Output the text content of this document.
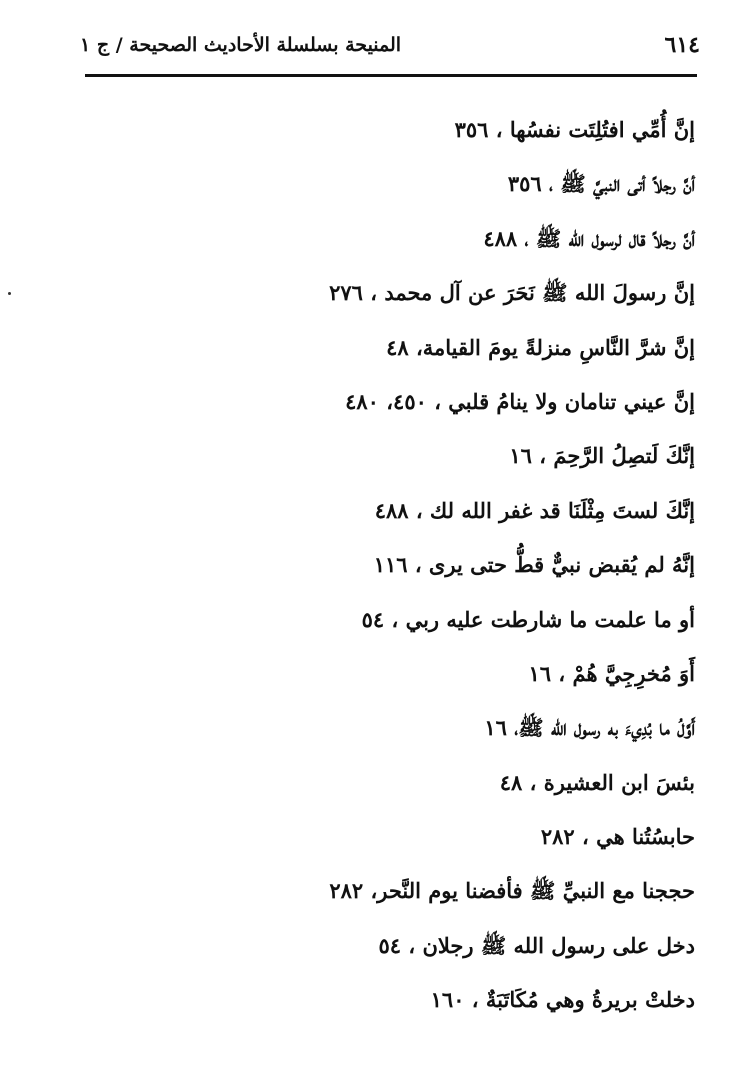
٦١٤
المنيحة بسلسلة الأحاديث الصحيحة / ج ١
إنَّ أُمِّي افتُلِتَت نفسُها ، ٣٥٦
أنَّ رجلاً أتى النبيَّ ﷺ ، ٣٥٦
أنَّ رجلاً قال لرسول الله ﷺ ، ٤٨٨
إنَّ رسولَ الله ﷺ نَحَرَ عن آل محمد ، ٢٧٦
إنَّ شرَّ النَّاسِ منزلةً يومَ القيامة، ٤٨
إنَّ عيني تنامان ولا ينامُ قلبي ، ٤٥٠، ٤٨٠
إنَّكَ لَتصِلُ الرَّحِمَ ، ١٦
إنَّكَ لستَ مِثْلَنَا قد غفر الله لك ، ٤٨٨
إنَّهُ لم يُقبض نبيٌّ قطُّ حتى يرى ، ١١٦
أو ما علمت ما شارطت عليه ربي ، ٥٤
أَوَ مُخرِجِيَّ هُمْ ، ١٦
أَوَّلُ ما بُدِيءَ به رسول الله ﷺ، ١٦
بئسَ ابن العشيرة ، ٤٨
حابسُتُنا هي ، ٢٨٢
حججنا مع النبيِّ ﷺ فأفضنا يوم النَّحر، ٢٨٢
دخل على رسول الله ﷺ رجلان ، ٥٤
دخلتْ بريرةُ وهي مُكَاتَبَةٌ ، ١٦٠
